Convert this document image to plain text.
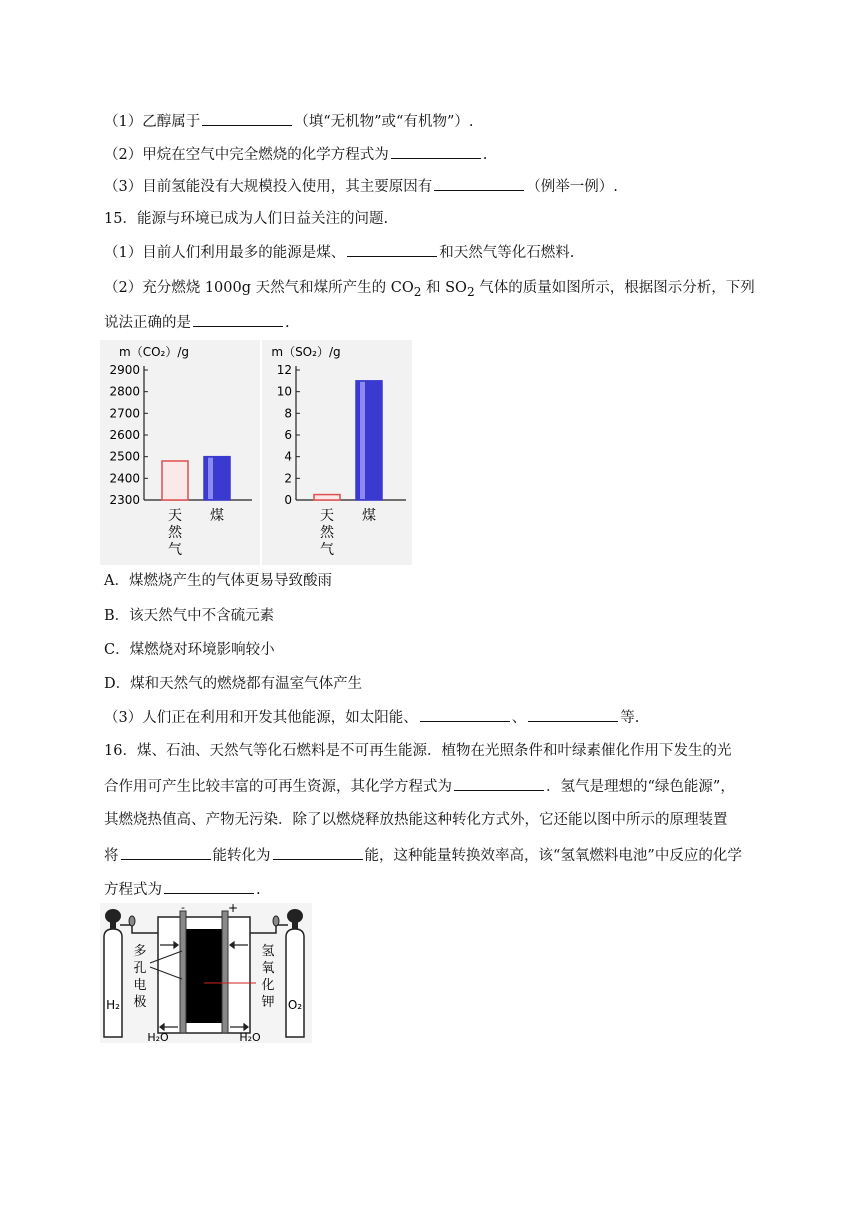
（1）乙醇属于	（填“无机物”或“有机物”）.
（2）甲烷在空气中完全燃烧的化学方程式为	.
（3）目前氢能没有大规模投入使用，其主要原因有	（例举一例）.
15．能源与环境已成为人们日益关注的问题.
（1）目前人们利用最多的能源是煤、	和天然气等化石燃料.
（2）充分燃烧 1000g 天然气和煤所产生的 $CO_2$ 和 $SO_2$ 气体的质量如图所示，根据图示分析，下列
说法正确的是	.
m（CO₂）/g
2300
2400
2500
2600
2700
2800
2900
天
然
气
煤
m（SO₂）/g
0
2
4
6
8
10
12
天
然
气
煤
A．煤燃烧产生的气体更易导致酸雨
B．该天然气中不含硫元素
C．煤燃烧对环境影响较小
D．煤和天然气的燃烧都有温室气体产生
（3）人们正在利用和开发其他能源，如太阳能、	、	等.
16．煤、石油、天然气等化石燃料是不可再生能源．植物在光照条件和叶绿素催化作用下发生的光
合作用可产生比较丰富的可再生资源，其化学方程式为	．氢气是理想的“绿色能源”，
其燃烧热值高、产物无污染．除了以燃烧释放热能这种转化方式外，它还能以图中所示的原理装置
将	能转化为	能，这种能量转换效率高，该“氢氧燃料电池”中反应的化学
方程式为	.
H₂	O₂
-	+
多
孔
电
极
氢
氧
化
钾
H₂O	H₂O
